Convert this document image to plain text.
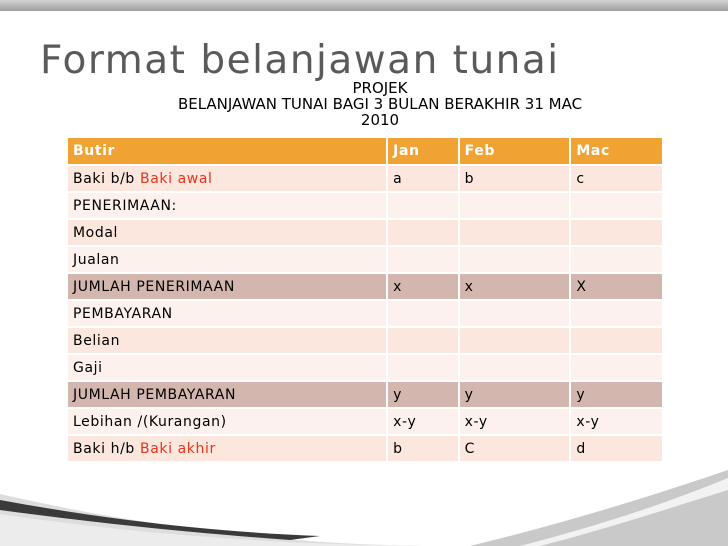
Format belanjawan tunai
PROJEK
BELANJAWAN TUNAI BAGI 3 BULAN BERAKHIR 31 MAC
2010
Butir	Jan	Feb	Mac
Baki b/b Baki awal	a	b	c
PENERIMAAN:			
Modal			
Jualan			
JUMLAH PENERIMAAN	x	x	X
PEMBAYARAN			
Belian			
Gaji			
JUMLAH PEMBAYARAN	y	y	y
Lebihan /(Kurangan)	x-y	x-y	x-y
Baki h/b Baki akhir	b	C	d
